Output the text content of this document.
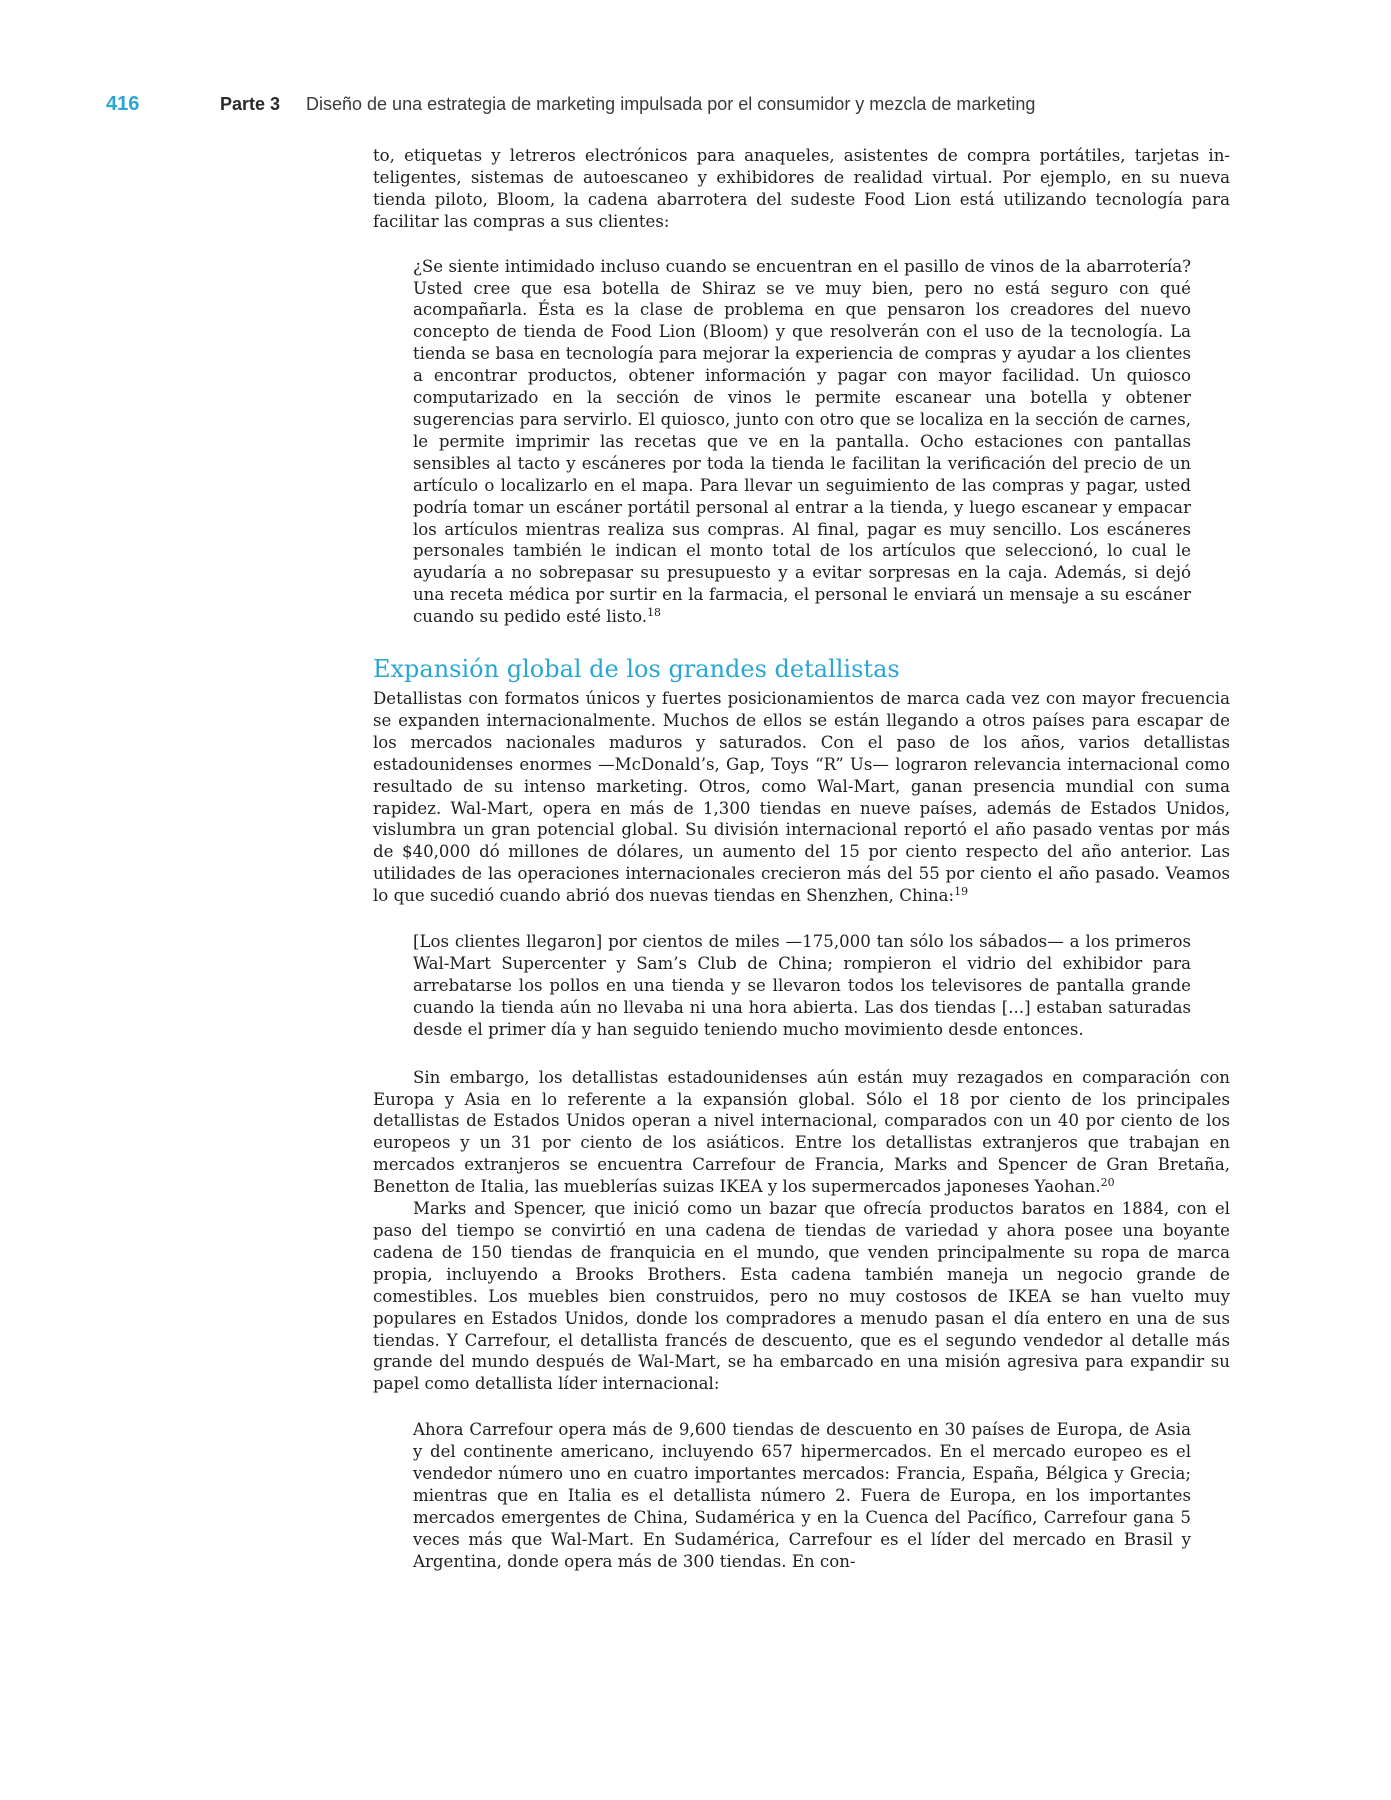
416	Parte 3 Diseño de una estrategia de marketing impulsada por el consumidor y mezcla de marketing

to, etiquetas y letreros electrónicos para anaqueles, asistentes de compra portátiles, tarjetas inteligentes, sistemas de autoescaneo y exhibidores de realidad virtual. Por ejemplo, en su nueva tienda piloto, Bloom, la cadena abarrotera del sudeste Food Lion está utilizando tecnología para facilitar las compras a sus clientes:

¿Se siente intimidado incluso cuando se encuentran en el pasillo de vinos de la abarrotería? Usted cree que esa botella de Shiraz se ve muy bien, pero no está seguro con qué acompañarla. Ésta es la clase de problema en que pensaron los creadores del nuevo concepto de tienda de Food Lion (Bloom) y que resolverán con el uso de la tecnología. La tienda se basa en tecnología para mejorar la experiencia de compras y ayudar a los clientes a encontrar productos, obtener información y pagar con mayor facilidad. Un quiosco computarizado en la sección de vinos le permite escanear una botella y obtener sugerencias para servirlo. El quiosco, junto con otro que se localiza en la sección de carnes, le permite imprimir las recetas que ve en la pantalla. Ocho estaciones con pantallas sensibles al tacto y escáneres por toda la tienda le facilitan la verificación del precio de un artículo o localizarlo en el mapa. Para llevar un seguimiento de las compras y pagar, usted podría tomar un escáner portátil personal al entrar a la tienda, y luego escanear y empacar los artículos mientras realiza sus compras. Al final, pagar es muy sencillo. Los escáneres personales también le indican el monto total de los artículos que seleccionó, lo cual le ayudaría a no sobrepasar su presupuesto y a evitar sorpresas en la caja. Además, si dejó una receta médica por surtir en la farmacia, el personal le enviará un mensaje a su escáner cuando su pedido esté listo.$^{18}$

Expansión global de los grandes detallistas

Detallistas con formatos únicos y fuertes posicionamientos de marca cada vez con mayor frecuencia se expanden internacionalmente. Muchos de ellos se están llegando a otros países para escapar de los mercados nacionales maduros y saturados. Con el paso de los años, varios detallistas estadounidenses enormes —McDonald’s, Gap, Toys “R” Us— lograron relevancia internacional como resultado de su intenso marketing. Otros, como Wal-Mart, ganan presencia mundial con suma rapidez. Wal-Mart, opera en más de 1,300 tiendas en nueve países, además de Estados Unidos, vislumbra un gran potencial global. Su división internacional reportó el año pasado ventas por más de $40,000 dó millones de dólares, un aumento del 15 por ciento respecto del año anterior. Las utilidades de las operaciones internacionales crecieron más del 55 por ciento el año pasado. Veamos lo que sucedió cuando abrió dos nuevas tiendas en Shenzhen, China:$^{19}$

[Los clientes llegaron] por cientos de miles —175,000 tan sólo los sábados— a los primeros Wal-Mart Supercenter y Sam’s Club de China; rompieron el vidrio del exhibidor para arrebatarse los pollos en una tienda y se llevaron todos los televisores de pantalla grande cuando la tienda aún no llevaba ni una hora abierta. Las dos tiendas [...] estaban saturadas desde el primer día y han seguido teniendo mucho movimiento desde entonces.

Sin embargo, los detallistas estadounidenses aún están muy rezagados en comparación con Europa y Asia en lo referente a la expansión global. Sólo el 18 por ciento de los principales detallistas de Estados Unidos operan a nivel internacional, comparados con un 40 por ciento de los europeos y un 31 por ciento de los asiáticos. Entre los detallistas extranjeros que trabajan en mercados extranjeros se encuentra Carrefour de Francia, Marks and Spencer de Gran Bretaña, Benetton de Italia, las mueblerías suizas IKEA y los supermercados japoneses Yaohan.$^{20}$

Marks and Spencer, que inició como un bazar que ofrecía productos baratos en 1884, con el paso del tiempo se convirtió en una cadena de tiendas de variedad y ahora posee una boyante cadena de 150 tiendas de franquicia en el mundo, que venden principalmente su ropa de marca propia, incluyendo a Brooks Brothers. Esta cadena también maneja un negocio grande de comestibles. Los muebles bien construidos, pero no muy costosos de IKEA se han vuelto muy populares en Estados Unidos, donde los compradores a menudo pasan el día entero en una de sus tiendas. Y Carrefour, el detallista francés de descuento, que es el segundo vendedor al detalle más grande del mundo después de Wal-Mart, se ha embarcado en una misión agresiva para expandir su papel como detallista líder internacional:

Ahora Carrefour opera más de 9,600 tiendas de descuento en 30 países de Europa, de Asia y del continente americano, incluyendo 657 hipermercados. En el mercado europeo es el vendedor número uno en cuatro importantes mercados: Francia, España, Bélgica y Grecia; mientras que en Italia es el detallista número 2. Fuera de Europa, en los importantes mercados emergentes de China, Sudamérica y en la Cuenca del Pacífico, Carrefour gana 5 veces más que Wal-Mart. En Sudamérica, Carrefour es el líder del mercado en Brasil y Argentina, donde opera más de 300 tiendas. En con-
